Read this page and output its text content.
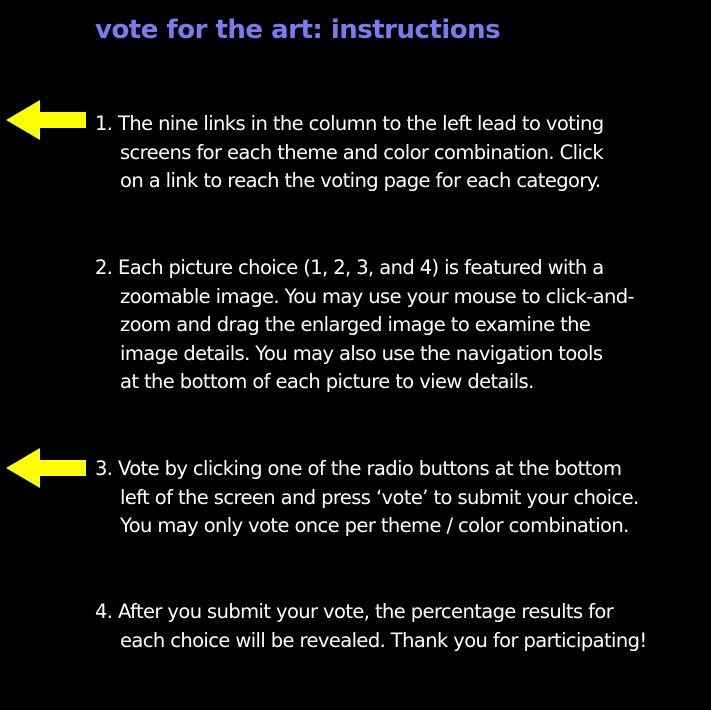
vote for the art: instructions
1. The nine links in the column to the left lead to voting
screens for each theme and color combination. Click
on a link to reach the voting page for each category.
2. Each picture choice (1, 2, 3, and 4) is featured with a
zoomable image. You may use your mouse to click-and-
zoom and drag the enlarged image to examine the
image details. You may also use the navigation tools
at the bottom of each picture to view details.
3. Vote by clicking one of the radio buttons at the bottom
left of the screen and press ‘vote’ to submit your choice.
You may only vote once per theme / color combination.
4. After you submit your vote, the percentage results for
each choice will be revealed. Thank you for participating!
